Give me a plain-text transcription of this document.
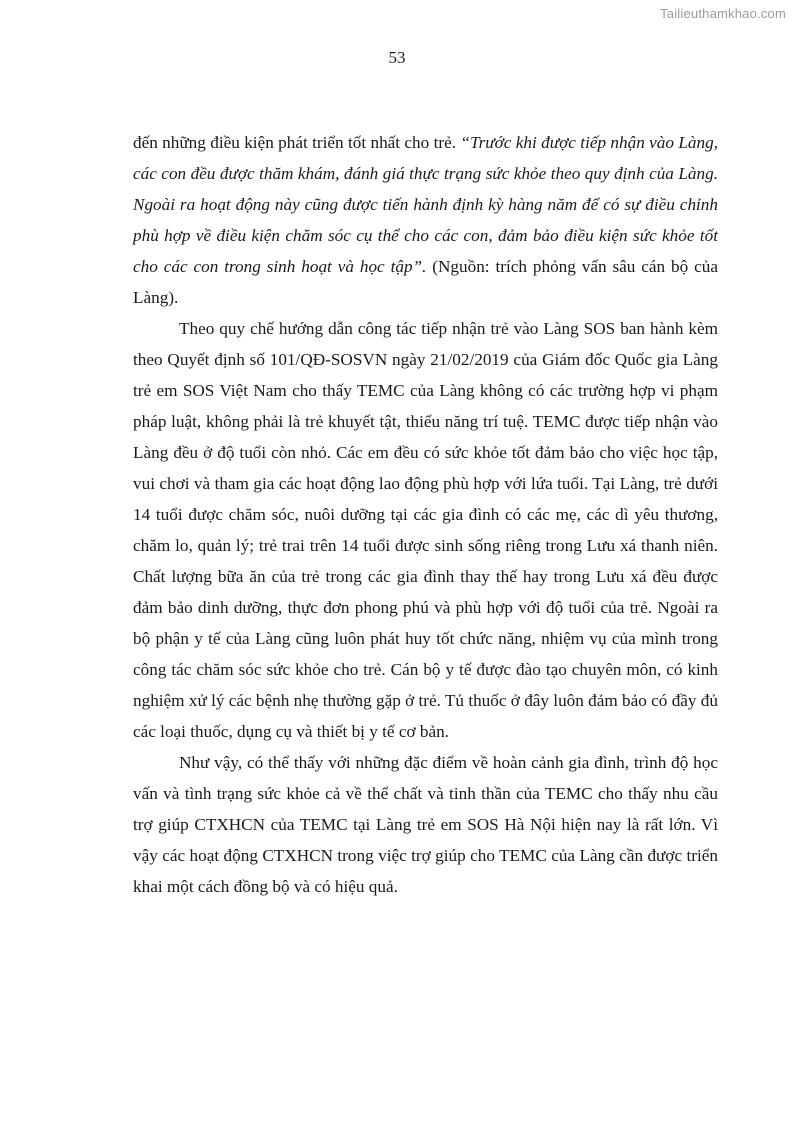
Tailieuthamkhao.com
53

đến những điều kiện phát triển tốt nhất cho trẻ. “Trước khi được tiếp nhận vào Làng, các con đều được thăm khám, đánh giá thực trạng sức khỏe theo quy định của Làng. Ngoài ra hoạt động này cũng được tiến hành định kỳ hàng năm để có sự điều chỉnh phù hợp về điều kiện chăm sóc cụ thể cho các con, đảm bảo điều kiện sức khỏe tốt cho các con trong sinh hoạt và học tập”. (Nguồn: trích phỏng vấn sâu cán bộ của Làng).

Theo quy chế hướng dẫn công tác tiếp nhận trẻ vào Làng SOS ban hành kèm theo Quyết định số 101/QĐ-SOSVN ngày 21/02/2019 của Giám đốc Quốc gia Làng trẻ em SOS Việt Nam cho thấy TEMC của Làng không có các trường hợp vi phạm pháp luật, không phải là trẻ khuyết tật, thiểu năng trí tuệ. TEMC được tiếp nhận vào Làng đều ở độ tuổi còn nhỏ. Các em đều có sức khỏe tốt đảm bảo cho việc học tập, vui chơi và tham gia các hoạt động lao động phù hợp với lứa tuổi. Tại Làng, trẻ dưới 14 tuổi được chăm sóc, nuôi dưỡng tại các gia đình có các mẹ, các dì yêu thương, chăm lo, quản lý; trẻ trai trên 14 tuổi được sinh sống riêng trong Lưu xá thanh niên. Chất lượng bữa ăn của trẻ trong các gia đình thay thế hay trong Lưu xá đều được đảm bảo dinh dưỡng, thực đơn phong phú và phù hợp với độ tuổi của trẻ. Ngoài ra bộ phận y tế của Làng cũng luôn phát huy tốt chức năng, nhiệm vụ của mình trong công tác chăm sóc sức khỏe cho trẻ. Cán bộ y tế được đào tạo chuyên môn, có kinh nghiệm xử lý các bệnh nhẹ thường gặp ở trẻ. Tủ thuốc ở đây luôn đảm bảo có đầy đủ các loại thuốc, dụng cụ và thiết bị y tế cơ bản.

Như vậy, có thể thấy với những đặc điểm về hoàn cảnh gia đình, trình độ học vấn và tình trạng sức khỏe cả về thể chất và tinh thần của TEMC cho thấy nhu cầu trợ giúp CTXHCN của TEMC tại Làng trẻ em SOS Hà Nội hiện nay là rất lớn. Vì vậy các hoạt động CTXHCN trong việc trợ giúp cho TEMC của Làng cần được triển khai một cách đồng bộ và có hiệu quả.
